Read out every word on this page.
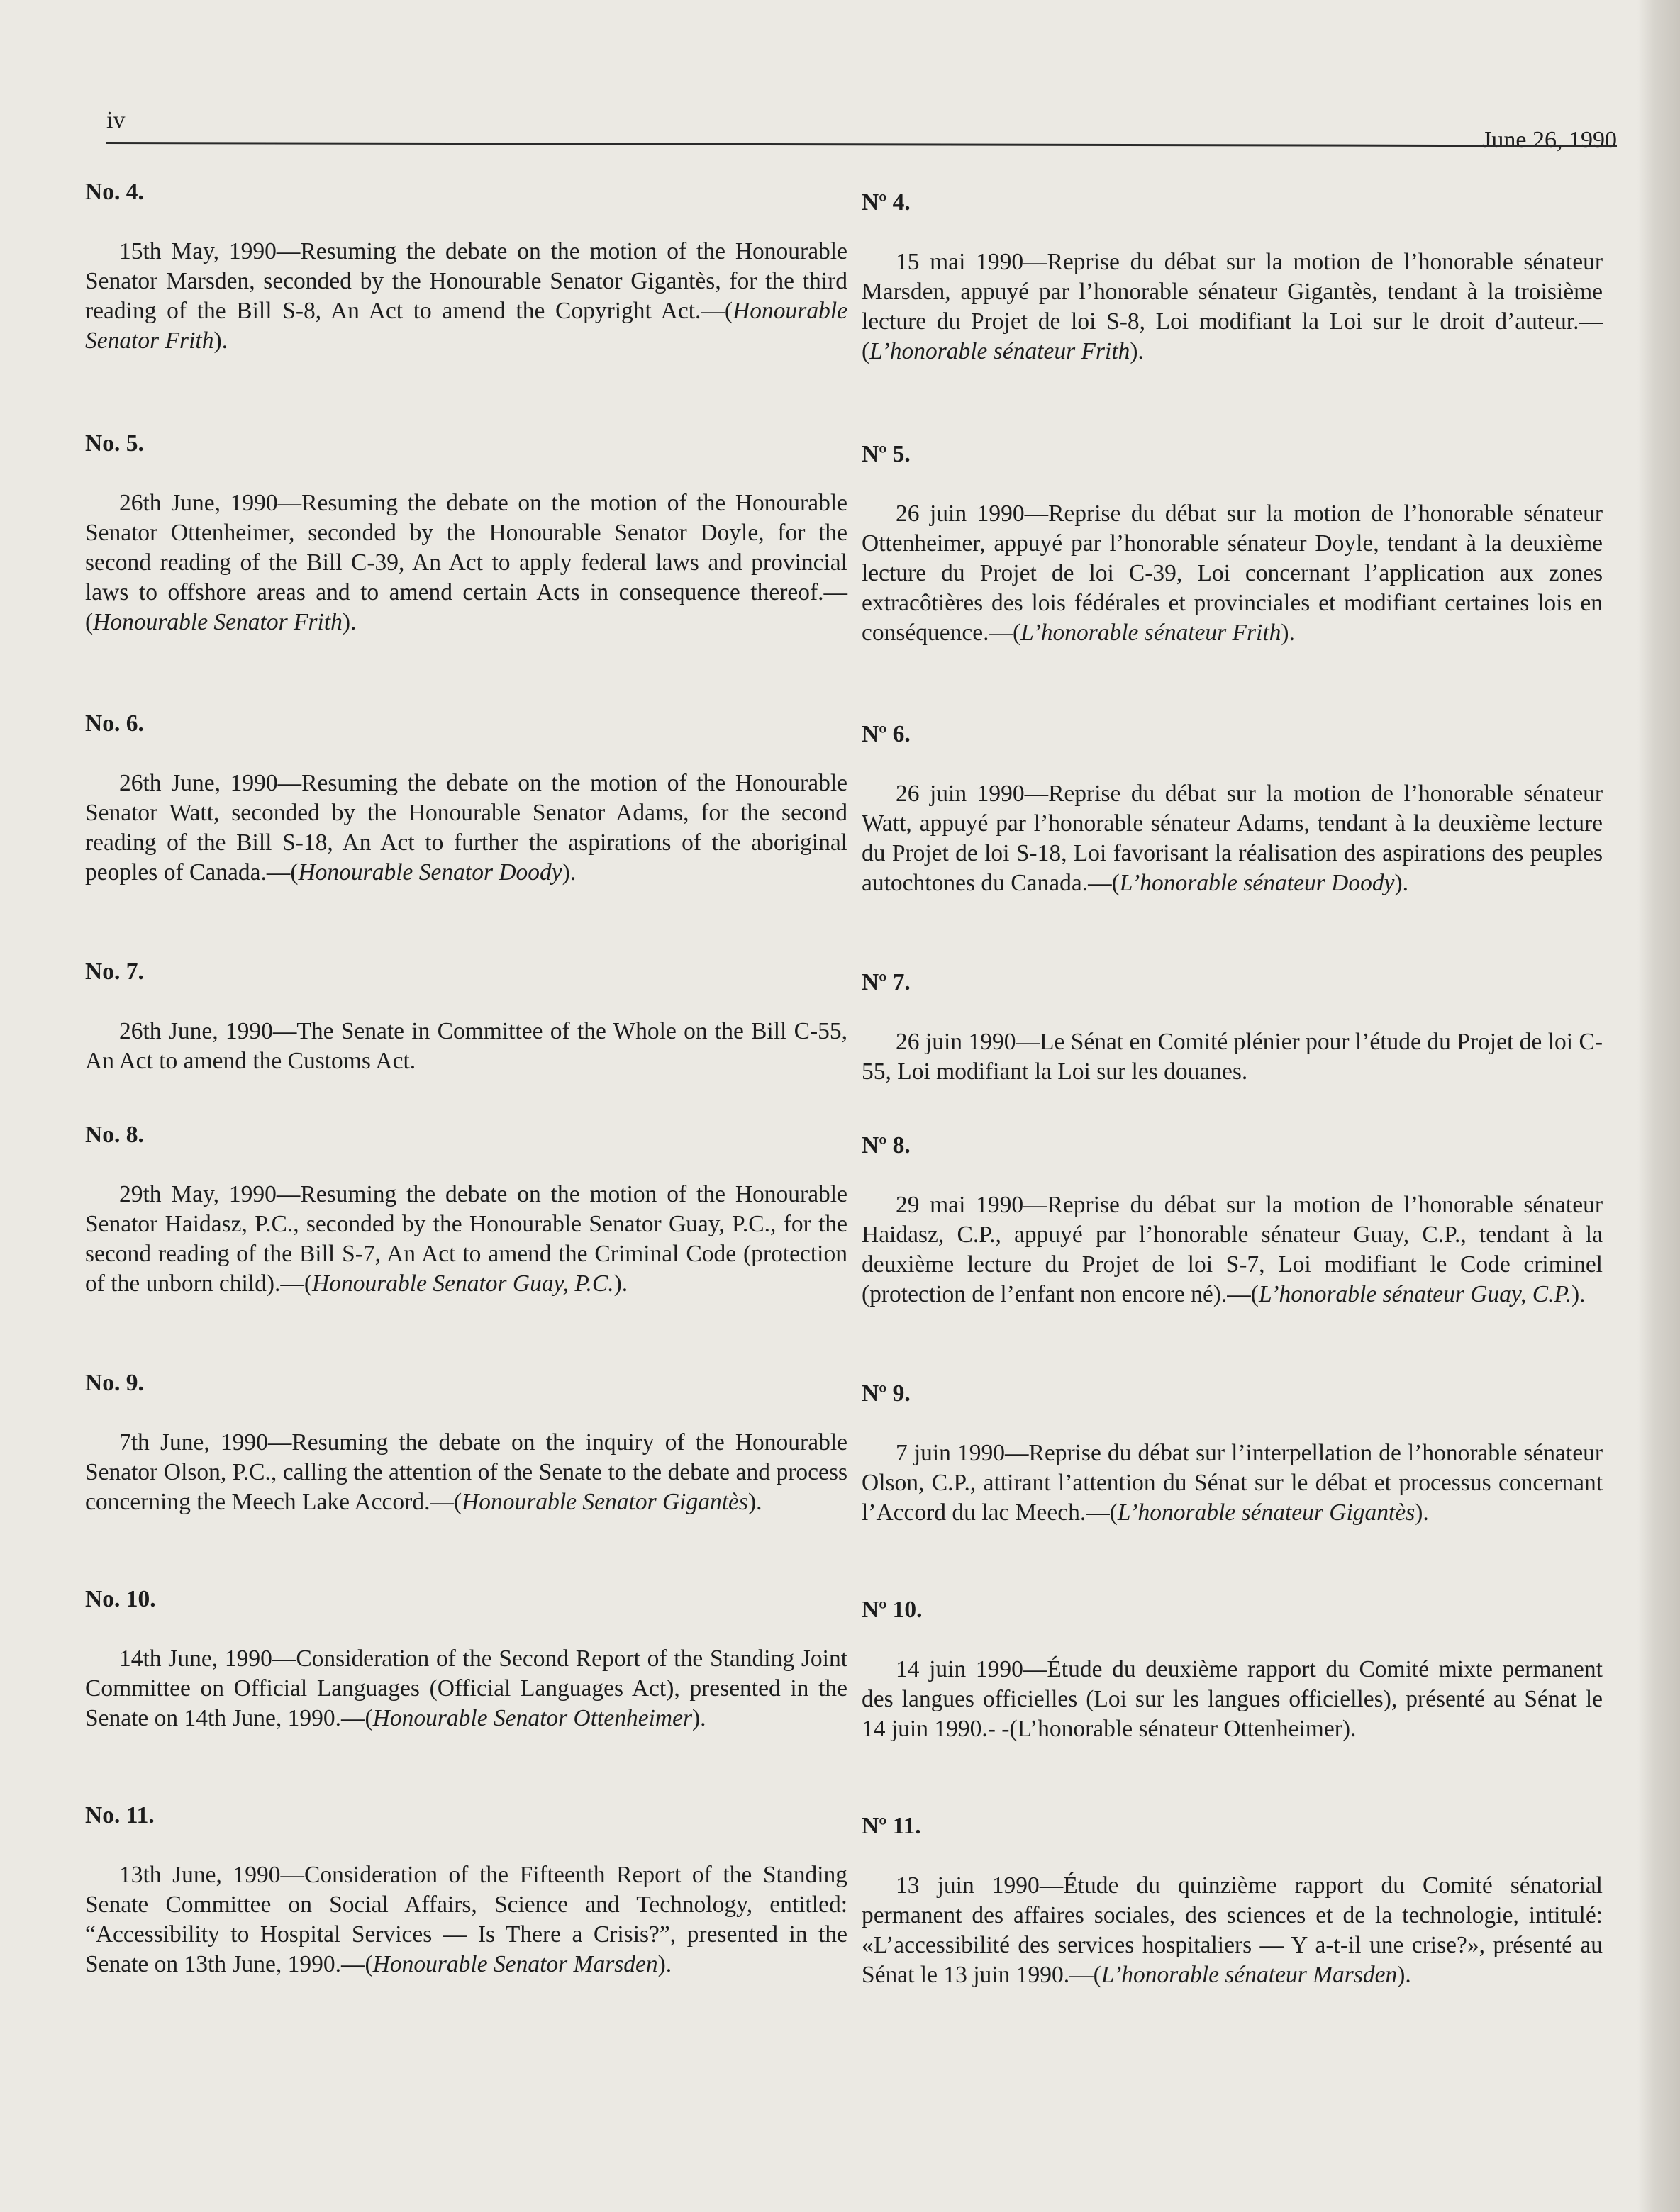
iv
June 26, 1990

No. 4.

15th May, 1990—Resuming the debate on the motion of the Honourable Senator Marsden, seconded by the Honourable Senator Gigantès, for the third reading of the Bill S-8, An Act to amend the Copyright Act.—(Honourable Senator Frith).

No. 5.

26th June, 1990—Resuming the debate on the motion of the Honourable Senator Ottenheimer, seconded by the Honourable Senator Doyle, for the second reading of the Bill C-39, An Act to apply federal laws and provincial laws to offshore areas and to amend certain Acts in consequence thereof.—(Honourable Senator Frith).

No. 6.

26th June, 1990—Resuming the debate on the motion of the Honourable Senator Watt, seconded by the Honourable Senator Adams, for the second reading of the Bill S-18, An Act to further the aspirations of the aboriginal peoples of Canada.—(Honourable Senator Doody).

No. 7.

26th June, 1990—The Senate in Committee of the Whole on the Bill C-55, An Act to amend the Customs Act.

No. 8.

29th May, 1990—Resuming the debate on the motion of the Honourable Senator Haidasz, P.C., seconded by the Honourable Senator Guay, P.C., for the second reading of the Bill S-7, An Act to amend the Criminal Code (protection of the unborn child).—(Honourable Senator Guay, P.C.).

No. 9.

7th June, 1990—Resuming the debate on the inquiry of the Honourable Senator Olson, P.C., calling the attention of the Senate to the debate and process concerning the Meech Lake Accord.—(Honourable Senator Gigantès).

No. 10.

14th June, 1990—Consideration of the Second Report of the Standing Joint Committee on Official Languages (Official Languages Act), presented in the Senate on 14th June, 1990.—(Honourable Senator Ottenheimer).

No. 11.

13th June, 1990—Consideration of the Fifteenth Report of the Standing Senate Committee on Social Affairs, Science and Technology, entitled: “Accessibility to Hospital Services — Is There a Crisis?”, presented in the Senate on 13th June, 1990.—(Honourable Senator Marsden).

Nº 4.

15 mai 1990—Reprise du débat sur la motion de l’honorable sénateur Marsden, appuyé par l’honorable sénateur Gigantès, tendant à la troisième lecture du Projet de loi S-8, Loi modifiant la Loi sur le droit d’auteur.—(L’honorable sénateur Frith).

Nº 5.

26 juin 1990—Reprise du débat sur la motion de l’honorable sénateur Ottenheimer, appuyé par l’honorable sénateur Doyle, tendant à la deuxième lecture du Projet de loi C-39, Loi concernant l’application aux zones extracôtières des lois fédérales et provinciales et modifiant certaines lois en conséquence.—(L’honorable sénateur Frith).

Nº 6.

26 juin 1990—Reprise du débat sur la motion de l’honorable sénateur Watt, appuyé par l’honorable sénateur Adams, tendant à la deuxième lecture du Projet de loi S-18, Loi favorisant la réalisation des aspirations des peuples autochtones du Canada.—(L’honorable sénateur Doody).

Nº 7.

26 juin 1990—Le Sénat en Comité plénier pour l’étude du Projet de loi C-55, Loi modifiant la Loi sur les douanes.

Nº 8.

29 mai 1990—Reprise du débat sur la motion de l’honorable sénateur Haidasz, C.P., appuyé par l’honorable sénateur Guay, C.P., tendant à la deuxième lecture du Projet de loi S-7, Loi modifiant le Code criminel (protection de l’enfant non encore né).—(L’honorable sénateur Guay, C.P.).

Nº 9.

7 juin 1990—Reprise du débat sur l’interpellation de l’honorable sénateur Olson, C.P., attirant l’attention du Sénat sur le débat et processus concernant l’Accord du lac Meech.—(L’honorable sénateur Gigantès).

Nº 10.

14 juin 1990—Étude du deuxième rapport du Comité mixte permanent des langues officielles (Loi sur les langues officielles), présenté au Sénat le 14 juin 1990.- -(L’honorable sénateur Ottenheimer).

Nº 11.

13 juin 1990—Étude du quinzième rapport du Comité sénatorial permanent des affaires sociales, des sciences et de la technologie, intitulé: «L’accessibilité des services hospitaliers — Y a-t-il une crise?», présenté au Sénat le 13 juin 1990.—(L’honorable sénateur Marsden).
